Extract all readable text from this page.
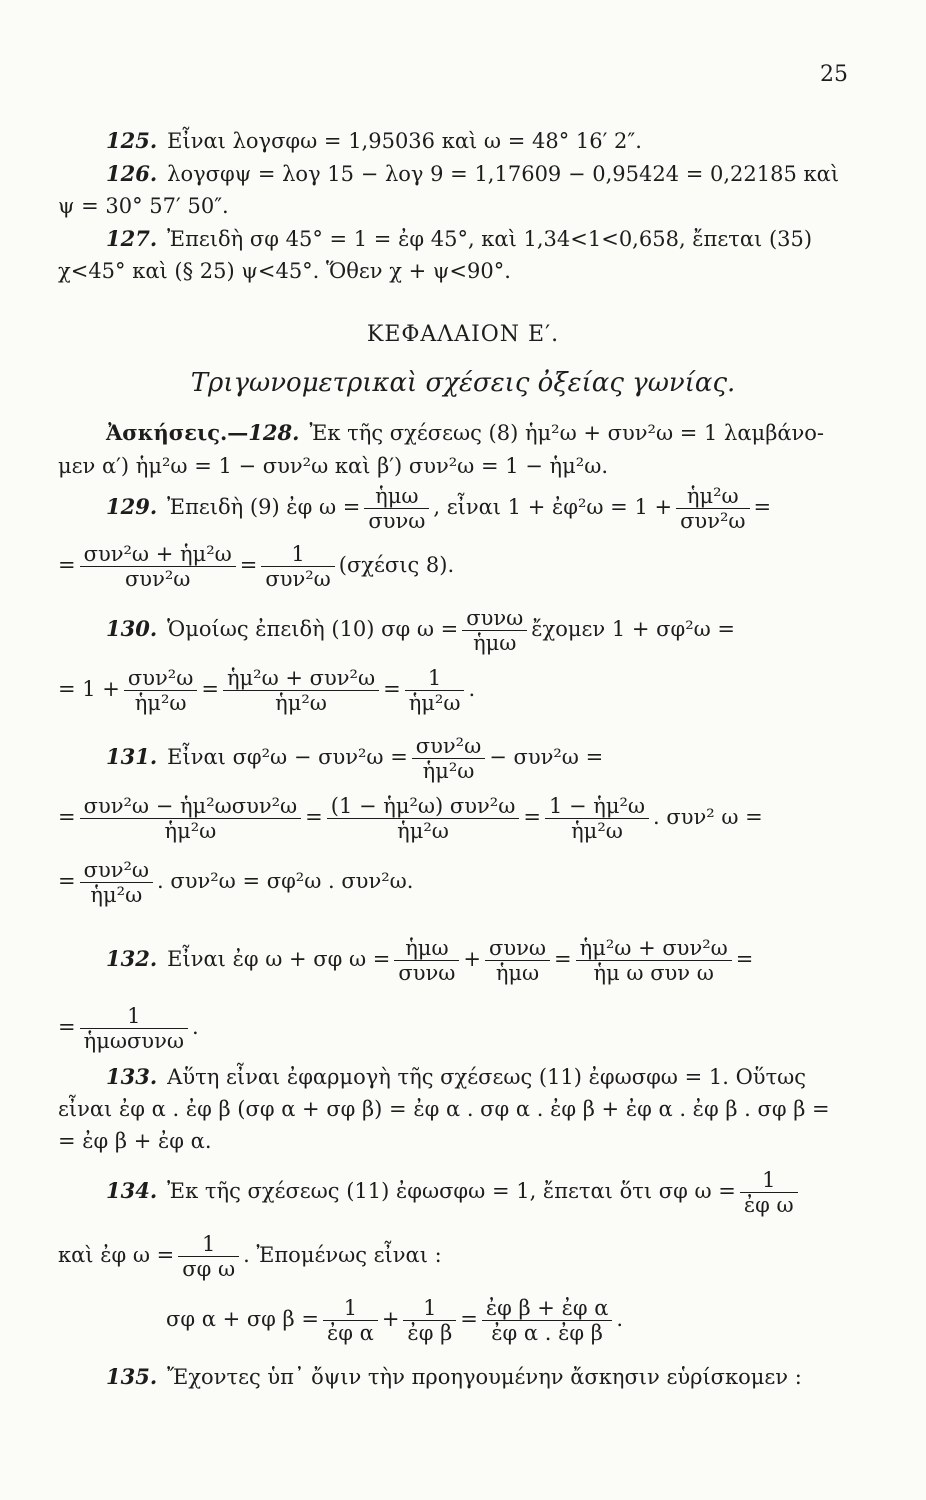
25
125. Εἶναι λογσφω = 1,95036 καὶ ω = 48° 16′ 2″.
126. λογσφψ = λογ 15 − λογ 9 = 1,17609 − 0,95424 = 0,22185 καὶ
ψ = 30° 57′ 50″.
127. Ἐπειδὴ σφ 45° = 1 = ἐφ 45°, καὶ 1,34<1<0,658, ἔπεται (35)
χ<45° καὶ (§ 25) ψ<45°. Ὅθεν χ + ψ<90°.
ΚΕΦΑΛΑΙΟΝ Ε′.
Τριγωνομετρικαὶ σχέσεις ὀξείας γωνίας.
Ἀσκήσεις.—128. Ἐκ τῆς σχέσεως (8) ἡμ²ω + συν²ω = 1 λαμβάνο-
μεν α′) ἡμ²ω = 1 − συν²ω καὶ β′) συν²ω = 1 − ἡμ²ω.
129. Ἐπειδὴ (9) ἐφ $\omega = \frac{\text{ἡμω}}{\text{συνω}}$ , εἶναι 1 + ἐφ²ω = $1 + \frac{\text{ἡμ²ω}}{\text{συν²ω}}$ =
= $\frac{\text{συν²ω + ἡμ²ω}}{\text{συν²ω}} = \frac{1}{\text{συν²ω}} (\sigma\chi έ\sigma\iota\varsigma$ 8).
130. Ὁμοίως ἐπειδὴ (10) σφ $\omega = \frac{\text{συνω}}{\text{ἡμω}}$ ἔχομεν 1 + σφ²ω =
= $1 + \frac{\text{συν²ω}}{\text{ἡμ²ω}} = \frac{\text{ἡμ²ω + συν²ω}}{\text{ἡμ²ω}} = \frac{1}{\text{ἡμ²ω}}$ .
131. Εἶναι $\sigma\varphi^2\omega - \sigma\upsilon\nu^2\omega = \frac{\text{συν²ω}}{\text{ἡμ²ω}} - \sigma\upsilon\nu^2\omega$ =
= $\frac{\text{συν²ω − ἡμ²ωσυν²ω}}{\text{ἡμ²ω}} = \frac{\text{(1 − ἡμ²ω) συν²ω}}{\text{ἡμ²ω}} = \frac{\text{1 − ἡμ²ω}}{\text{ἡμ²ω}}$ . συν² ω =
= $\frac{\text{συν²ω}}{\text{ἡμ²ω}}$ . συν²ω = σφ²ω . συν²ω.
132. Εἶναι ἐφ ω + σφ $\omega = \frac{\text{ἡμω}}{\text{συνω}} + \frac{\text{συνω}}{\text{ἡμω}} = \frac{\text{ἡμ²ω + συν²ω}}{\text{ἡμ ω συν ω}}$ =
= $\frac{1}{\text{ἡμωσυνω}}$ .
133. Αὕτη εἶναι ἐφαρμογὴ τῆς σχέσεως (11) ἐφωσφω = 1. Οὕτως
εἶναι ἐφ α . ἐφ β (σφ α + σφ β) = ἐφ α . σφ α . ἐφ β + ἐφ α . ἐφ β . σφ β =
= ἐφ β + ἐφ α.
134. Ἐκ τῆς σχέσεως (11) ἐφωσφω = 1, ἔπεται ὅτι σφ $\omega = \frac{1}{\text{ἐφ ω}}$
καὶ ἐφ $\omega = \frac{1}{\text{σφ ω}}$ . Ἐπομένως εἶναι :
σφ α + σφ $\beta = \frac{1}{\text{ἐφ α}} + \frac{1}{\text{ἐφ β}} = \frac{\text{ἐφ β + ἐφ α}}{\text{ἐφ α . ἐφ β}}$ .
135. Ἔχοντες ὑπ᾽ ὄψιν τὴν προηγουμένην ἄσκησιν εὑρίσκομεν :
